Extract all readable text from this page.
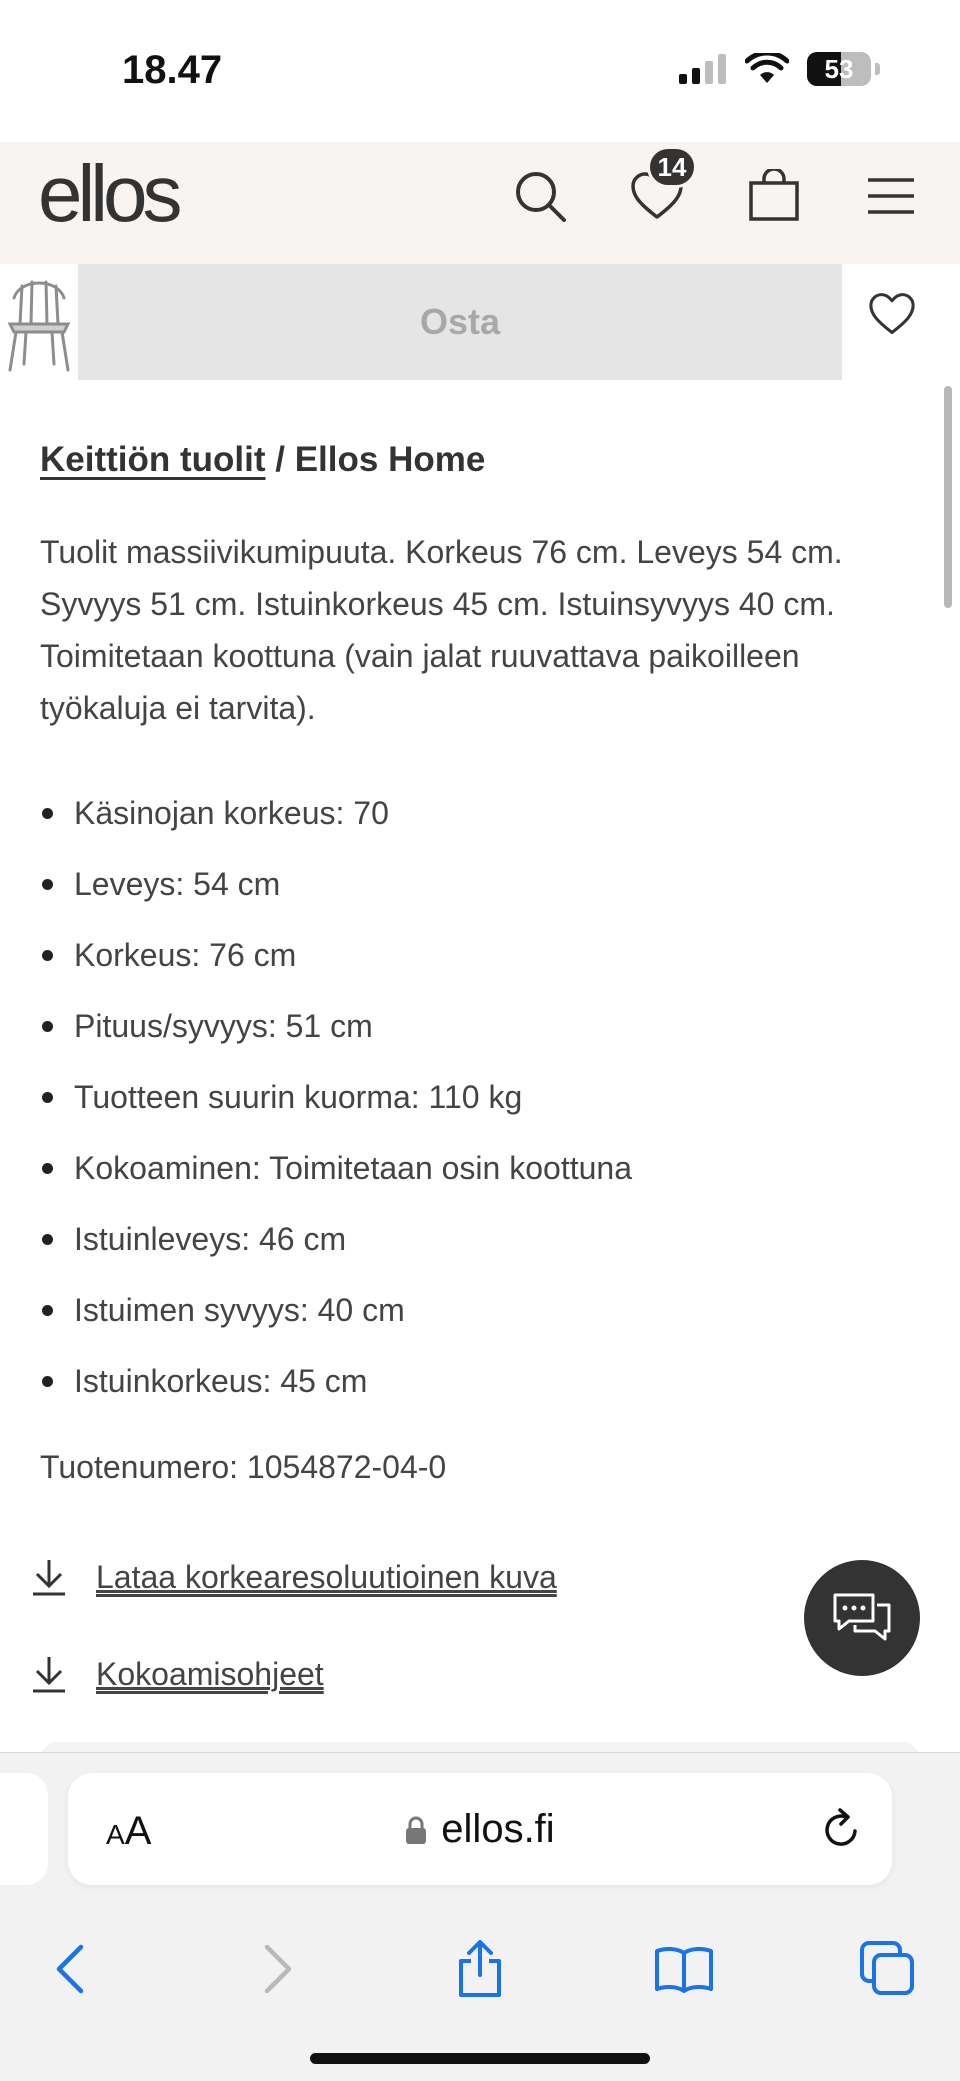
18.47	53
ellos	14
Osta
Keittiön tuolit / Ellos Home

Tuolit massiivikumipuuta. Korkeus 76 cm. Leveys 54 cm. Syvyys 51 cm. Istuinkorkeus 45 cm. Istuinsyvyys 40 cm. Toimitetaan koottuna (vain jalat ruuvattava paikoilleen työkaluja ei tarvita).

Käsinojan korkeus: 70
Leveys: 54 cm
Korkeus: 76 cm
Pituus/syvyys: 51 cm
Tuotteen suurin kuorma: 110 kg
Kokoaminen: Toimitetaan osin koottuna
Istuinleveys: 46 cm
Istuimen syvyys: 40 cm
Istuinkorkeus: 45 cm

Tuotenumero: 1054872-04-0

Lataa korkearesoluutioinen kuva
Kokoamisohjeet
AA	ellos.fi
